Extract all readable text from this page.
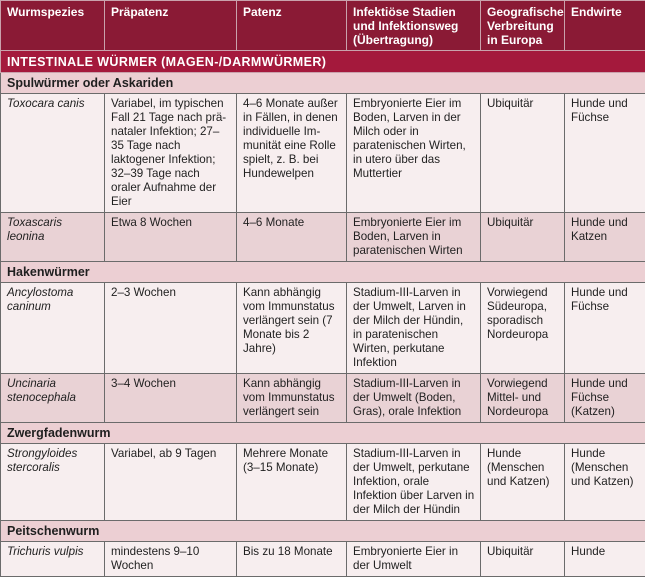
Wurmspezies	Präpatenz	Patenz	Infektiöse Stadien und Infektionsweg (Übertragung)	Geografische Verbreitung in Europa	Endwirte
INTESTINALE WÜRMER (MAGEN-/DARMWÜRMER)					
Spulwürmer oder Askariden					
Toxocara canis	Variabel, im typischen Fall 21 Tage nach pränataler Infektion; 27–35 Tage nach laktogener Infektion; 32–39 Tage nach oraler Aufnahme der Eier	4–6 Monate außer in Fällen, in denen individuelle Immunität eine Rolle spielt, z. B. bei Hundewelpen	Embryonierte Eier im Boden, Larven in der Milch oder in paratenischen Wirten, in utero über das Muttertier	Ubiquitär	Hunde und Füchse
Toxascaris leonina	Etwa 8 Wochen	4–6 Monate	Embryonierte Eier im Boden, Larven in paratenischen Wirten	Ubiquitär	Hunde und Katzen
Hakenwürmer					
Ancylostoma caninum	2–3 Wochen	Kann abhängig vom Immunstatus verlängert sein (7 Monate bis 2 Jahre)	Stadium-III-Larven in der Umwelt, Larven in der Milch der Hündin, in paratenischen Wirten, perkutane Infektion	Vorwiegend Südeuropa, sporadisch Nordeuropa	Hunde und Füchse
Uncinaria stenocephala	3–4 Wochen	Kann abhängig vom Immunstatus verlängert sein	Stadium-III-Larven in der Umwelt (Boden, Gras), orale Infektion	Vorwiegend Mittel- und Nordeuropa	Hunde und Füchse (Katzen)
Zwergfadenwurm					
Strongyloides stercoralis	Variabel, ab 9 Tagen	Mehrere Monate (3–15 Monate)	Stadium-III-Larven in der Umwelt, perkutane Infektion, orale Infektion über Larven in der Milch der Hündin	Hunde (Menschen und Katzen)	Hunde (Menschen und Katzen)
Peitschenwurm					
Trichuris vulpis	mindestens 9–10 Wochen	Bis zu 18 Monate	Embryonierte Eier in der Umwelt	Ubiquitär	Hunde
